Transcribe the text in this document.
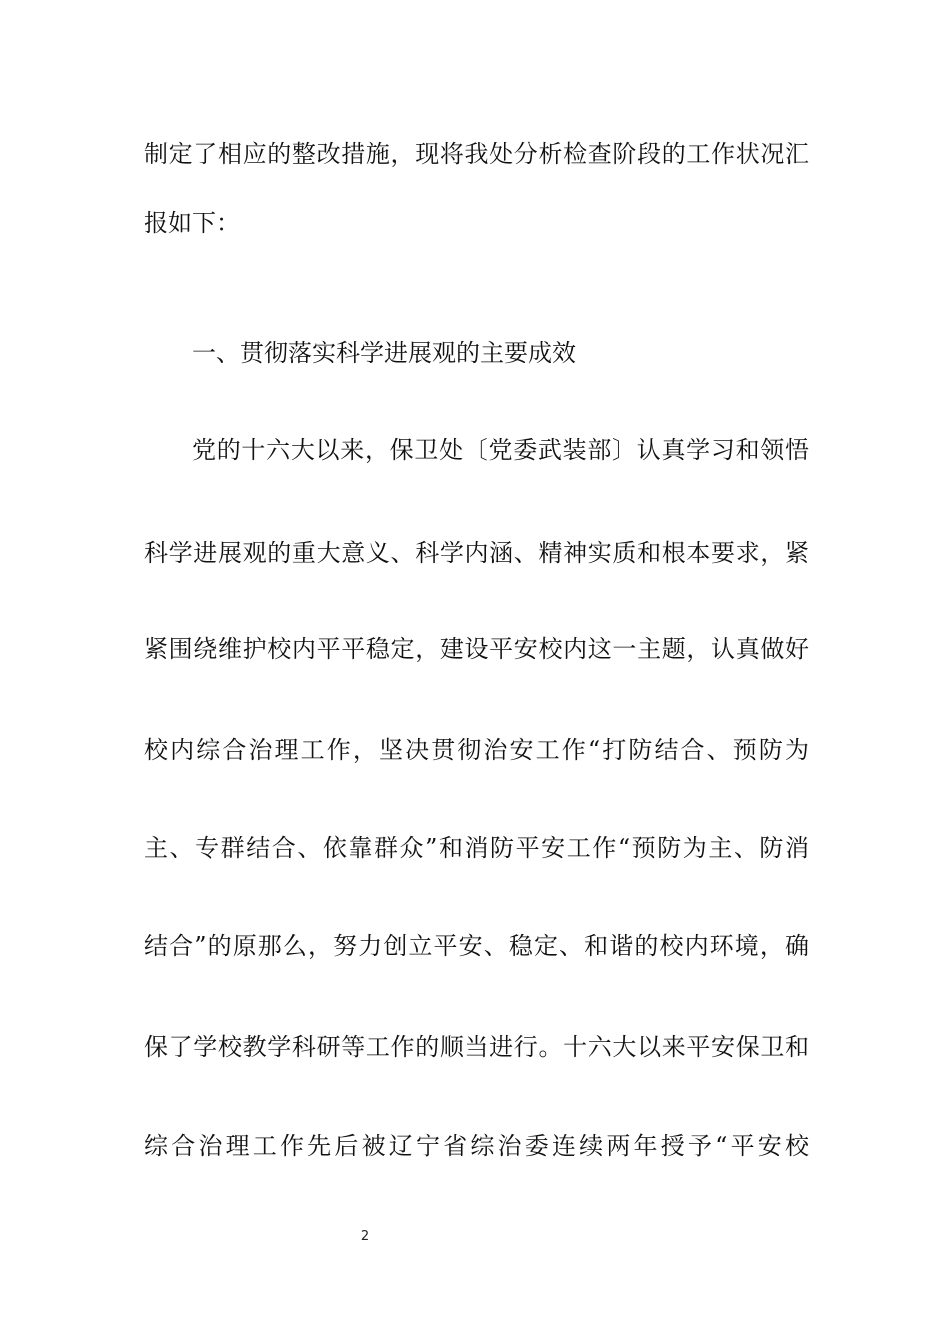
制定了相应的整改措施，现将我处分析检查阶段的工作状况汇
报如下：
一、贯彻落实科学进展观的主要成效
党的十六大以来，保卫处〔党委武装部〕认真学习和领悟
科学进展观的重大意义、科学内涵、精神实质和根本要求，紧
紧围绕维护校内平平稳定，建设平安校内这一主题，认真做好
校内综合治理工作，坚决贯彻治安工作“打防结合、预防为
主、专群结合、依靠群众”和消防平安工作“预防为主、防消
结合”的原那么，努力创立平安、稳定、和谐的校内环境，确
保了学校教学科研等工作的顺当进行。十六大以来平安保卫和
综合治理工作先后被辽宁省综治委连续两年授予“平安校
2
